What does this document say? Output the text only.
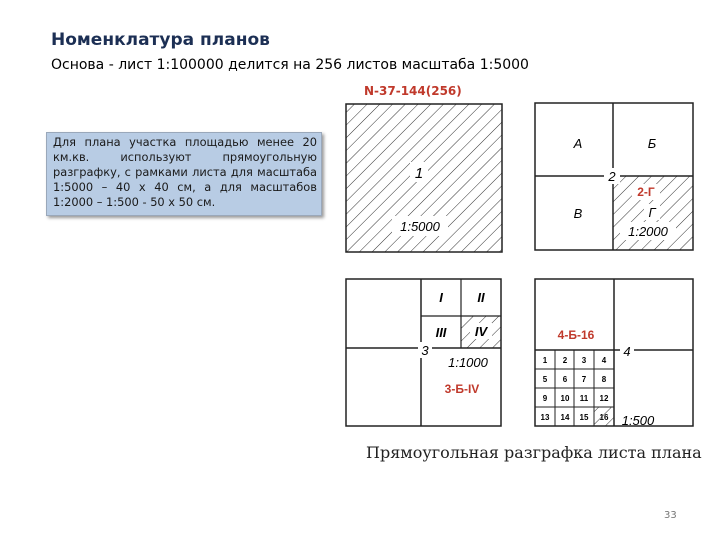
Номенклатура планов
Основа - лист 1:100000 делится на 256 листов масштаба 1:5000
1
1:5000
А	Б
В
2
2-Г
Г
1:2000
I	II
III IV
3
1:1000
3-Б-IV
1 2 3 4
5 6 7 8
9 10 11 12
13 14 15 16
4
4-Б-16
1:500
N-37-144(256)
Для плана участка площадью менее 20 км.кв. используют прямоугольную разграфку, с рамками листа для масштаба 1:5000 – 40 х 40 см, а для масштабов 1:2000 – 1:500 - 50 х 50 см.
Прямоугольная разграфка листа плана
33
